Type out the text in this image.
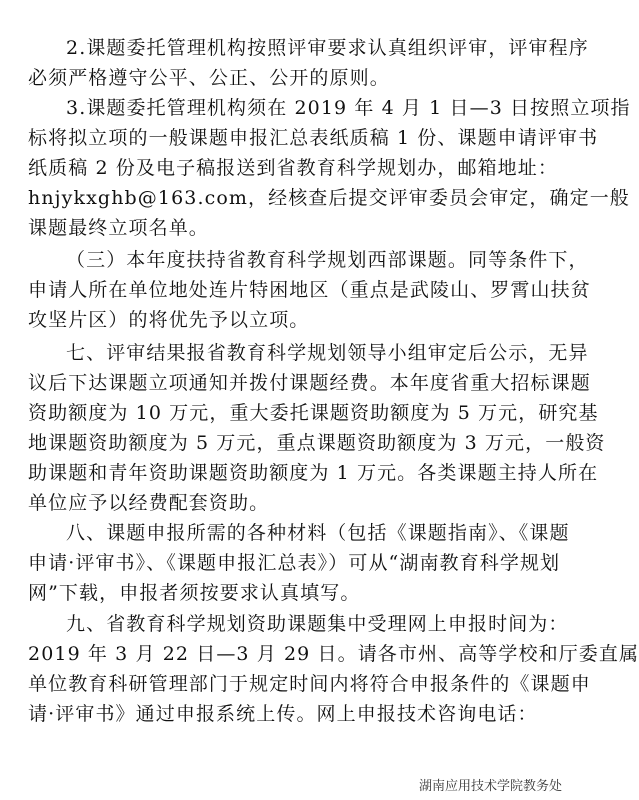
2.课题委托管理机构按照评审要求认真组织评审，评审程序
必须严格遵守公平、公正、公开的原则。
3.课题委托管理机构须在 2019 年 4 月 1 日—3 日按照立项指
标将拟立项的一般课题申报汇总表纸质稿 1 份、课题申请评审书
纸质稿 2 份及电子稿报送到省教育科学规划办，邮箱地址：
hnjykxghb@163.com，经核查后提交评审委员会审定，确定一般
课题最终立项名单。
（三）本年度扶持省教育科学规划西部课题。同等条件下，
申请人所在单位地处连片特困地区（重点是武陵山、罗霄山扶贫
攻坚片区）的将优先予以立项。
七、评审结果报省教育科学规划领导小组审定后公示，无异
议后下达课题立项通知并拨付课题经费。本年度省重大招标课题
资助额度为 10 万元，重大委托课题资助额度为 5 万元，研究基
地课题资助额度为 5 万元，重点课题资助额度为 3 万元，一般资
助课题和青年资助课题资助额度为 1 万元。各类课题主持人所在
单位应予以经费配套资助。
八、课题申报所需的各种材料（包括《课题指南》、《课题
申请·评审书》、《课题申报汇总表》）可从“湖南教育科学规划
网”下载，申报者须按要求认真填写。
九、省教育科学规划资助课题集中受理网上申报时间为：
2019 年 3 月 22 日—3 月 29 日。请各市州、高等学校和厅委直属
单位教育科研管理部门于规定时间内将符合申报条件的《课题申
请·评审书》通过申报系统上传。网上申报技术咨询电话：
湖南应用技术学院教务处
